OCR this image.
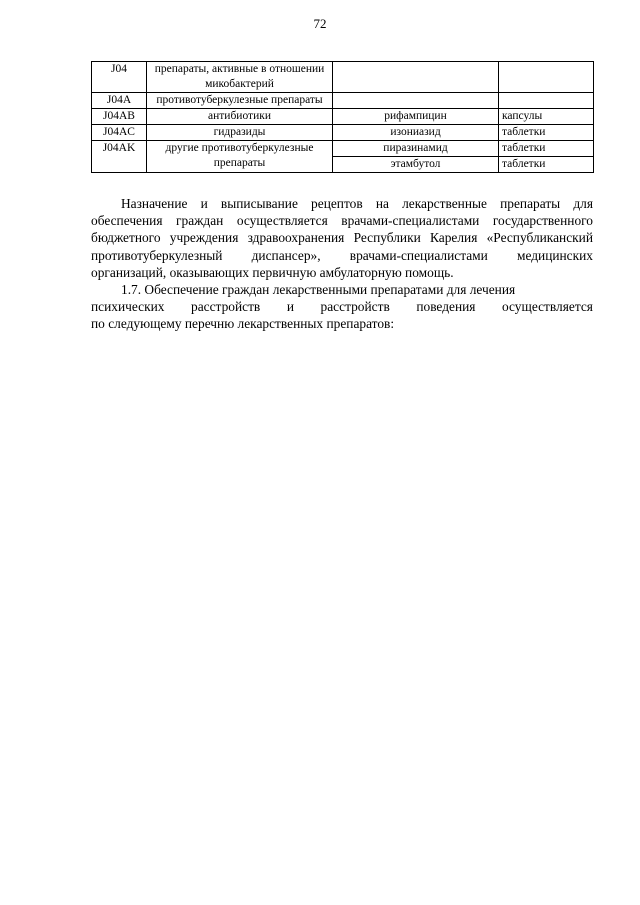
72
J04	препараты, активные в отношении микобактерий		
J04A	противотуберкулезные препараты		
J04AB	антибиотики	рифампицин	капсулы
J04AC	гидразиды	изониазид	таблетки
J04AK	другие противотуберкулезные препараты	пиразинамид	таблетки
		этамбутол	таблетки

Назначение и выписывание рецептов на лекарственные препараты для обеспечения граждан осуществляется врачами-специалистами государственного бюджетного учреждения здравоохранения Республики Карелия «Республиканский противотуберкулезный диспансер», врачами-специалистами медицинских организаций, оказывающих первичную амбулаторную помощь.

1.7. Обеспечение граждан лекарственными препаратами для лечения

психических расстройств и расстройств поведения осуществляется
по следующему перечню лекарственных препаратов:
